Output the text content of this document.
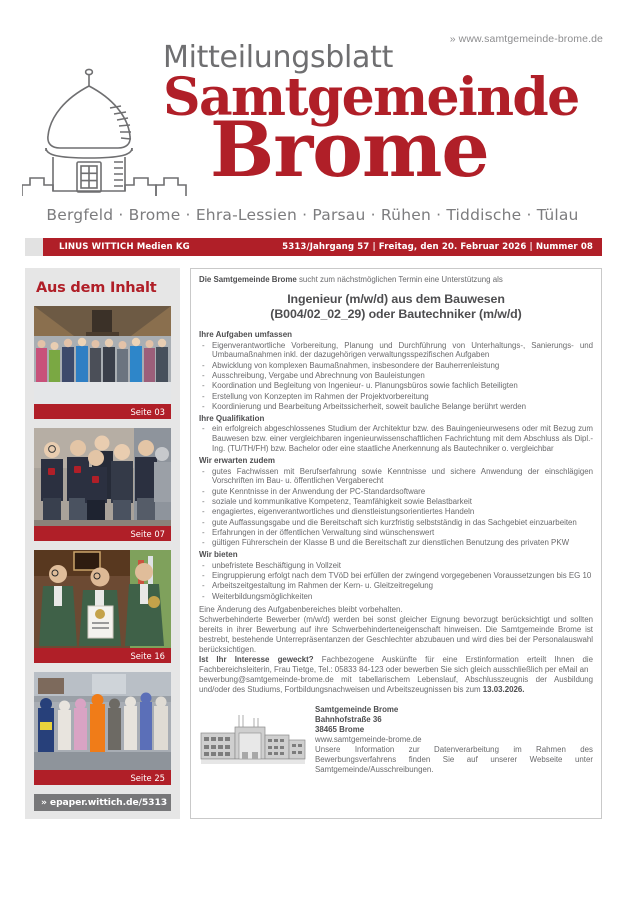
» www.samtgemeinde-brome.de
Mitteilungsblatt
Samtgemeinde
Brome
Bergfeld · Brome · Ehra-Lessien · Parsau · Rühen · Tiddische · Tülau
LINUS WITTICH Medien KG	5313/Jahrgang 57 | Freitag, den 20. Februar 2026 | Nummer 08
Aus dem Inhalt
Seite 03
Seite 07
Seite 16
Seite 25
» epaper.wittich.de/5313
Die Samtgemeinde Brome sucht zum nächstmöglichen Termin eine Unterstützung als
Ingenieur (m/w/d) aus dem Bauwesen
(B004/02_02_29) oder Bautechniker (m/w/d)
Ihre Aufgaben umfassen
- Eigenverantwortliche Vorbereitung, Planung und Durchführung von Unterhaltungs-, Sanierungs- und Umbaumaßnahmen inkl. der dazugehörigen verwaltungsspezifischen Aufgaben
- Abwicklung von komplexen Baumaßnahmen, insbesondere der Bauherrenleistung
- Ausschreibung, Vergabe und Abrechnung von Bauleistungen
- Koordination und Begleitung von Ingenieur- u. Planungsbüros sowie fachlich Beteiligten
- Erstellung von Konzepten im Rahmen der Projektvorbereitung
- Koordinierung und Bearbeitung Arbeitssicherheit, soweit bauliche Belange berührt werden
Ihre Qualifikation
- ein erfolgreich abgeschlossenes Studium der Architektur bzw. des Bauingenieurwesens oder mit Bezug zum Bauwesen bzw. einer vergleichbaren ingenieurwissenschaftlichen Fachrichtung mit dem Abschluss als Dipl.-Ing. (TU/TH/FH) bzw. Bachelor oder eine staatliche Anerkennung als Bautechniker o. vergleichbar
Wir erwarten zudem
- gutes Fachwissen mit Berufserfahrung sowie Kenntnisse und sichere Anwendung der einschlägigen Vorschriften im Bau- u. öffentlichen Vergaberecht
- gute Kenntnisse in der Anwendung der PC-Standardsoftware
- soziale und kommunikative Kompetenz, Teamfähigkeit sowie Belastbarkeit
- engagiertes, eigenverantwortliches und dienstleistungsorientiertes Handeln
- gute Auffassungsgabe und die Bereitschaft sich kurzfristig selbstständig in das Sachgebiet einzuarbeiten
- Erfahrungen in der öffentlichen Verwaltung sind wünschenswert
- gültigen Führerschein der Klasse B und die Bereitschaft zur dienstlichen Benutzung des privaten PKW
Wir bieten
- unbefristete Beschäftigung in Vollzeit
- Eingruppierung erfolgt nach dem TVöD bei erfüllen der zwingend vorgegebenen Voraussetzungen bis EG 10
- Arbeitszeitgestaltung im Rahmen der Kern- u. Gleitzeitregelung
- Weiterbildungsmöglichkeiten
Eine Änderung des Aufgabenbereiches bleibt vorbehalten.
Schwerbehinderte Bewerber (m/w/d) werden bei sonst gleicher Eignung bevorzugt berücksichtigt und sollten bereits in ihrer Bewerbung auf ihre Schwerbehinderteneigenschaft hinweisen. Die Samtgemeinde Brome ist bestrebt, bestehende Unterrepräsentanzen der Geschlechter abzubauen und wird dies bei der Personalauswahl berücksichtigen.
Ist Ihr Interesse geweckt? Fachbezogene Auskünfte für eine Erstinformation erteilt Ihnen die Fachbereichsleiterin, Frau Tietge, Tel.: 05833 84-123 oder bewerben Sie sich gleich ausschließlich per eMail an
bewerbung@samtgemeinde-brome.de mit tabellarischem Lebenslauf, Abschlusszeugnis der Ausbildung und/oder des Studiums, Fortbildungsnachweisen und Arbeitszeugnissen bis zum 13.03.2026.
Samtgemeinde Brome
Bahnhofstraße 36
38465 Brome
www.samtgemeinde-brome.de
Unsere Information zur Datenverarbeitung im Rahmen des Bewerbungsverfahrens finden Sie auf unserer Webseite unter Samtgemeinde/Ausschreibungen.
